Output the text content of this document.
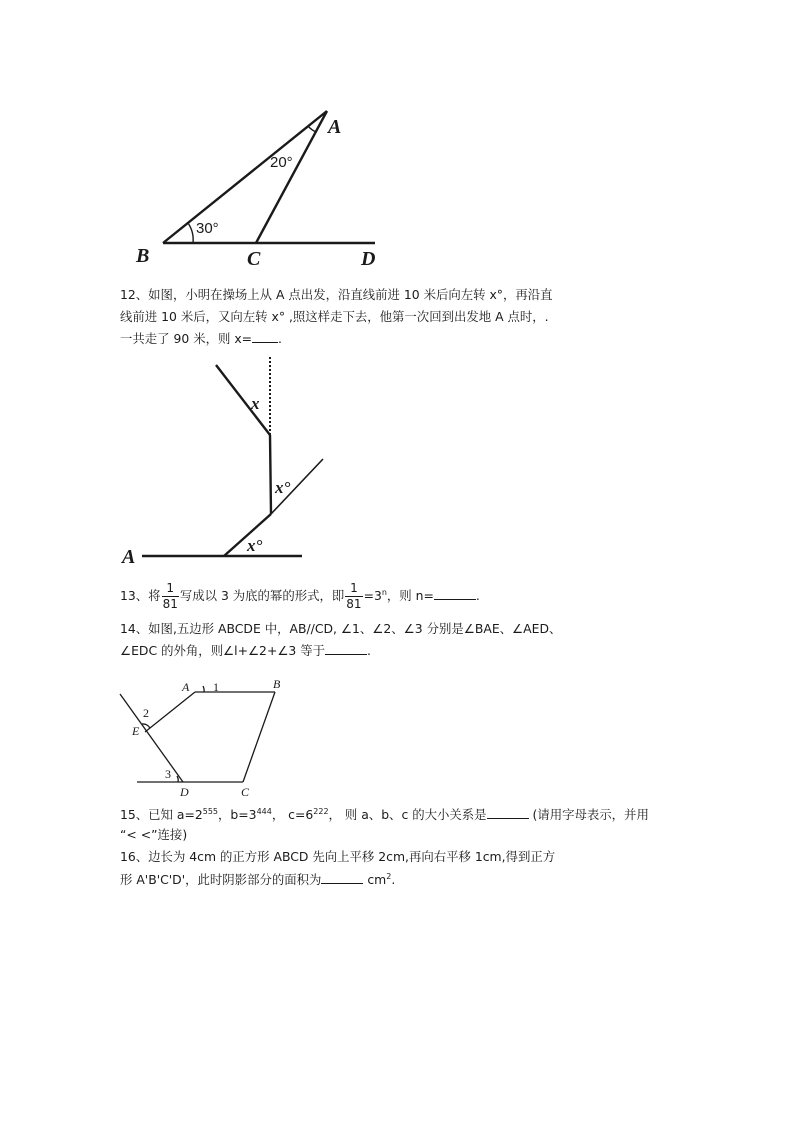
A
B	C	D
30°
20°
12、如图，小明在操场上从 A 点出发，沿直线前进 10 米后向左转 x°，再沿直
线前进 10 米后，又向左转 x° ,照这样走下去，他第一次回到出发地 A 点时，.
一共走了 90 米，则 x= .
A
x°
x°
x
13、将 $\frac{1}{81}$ 写成以 3 为底的幂的形式，即 $\frac{1}{81} =3^n$，则 n=	.
14、如图,五边形 ABCDE 中，AB//CD, ∠1、∠2、∠3 分别是∠BAE、∠AED、
∠EDC 的外角，则∠l+∠2+∠3 等于	.
A	B
C
D
E
1
2
3
15、已知 $a=2^{555}$，$b=3^{444}$， $c=6^{222}$， 则 a、b、c 的大小关系是	(请用字母表示，并用
“< <”连接)
16、边长为 4cm 的正方形 ABCD 先向上平移 2cm,再向右平移 1cm,得到正方
形 A'B'C'D'，此时阴影部分的面积为	$cm^2$.
